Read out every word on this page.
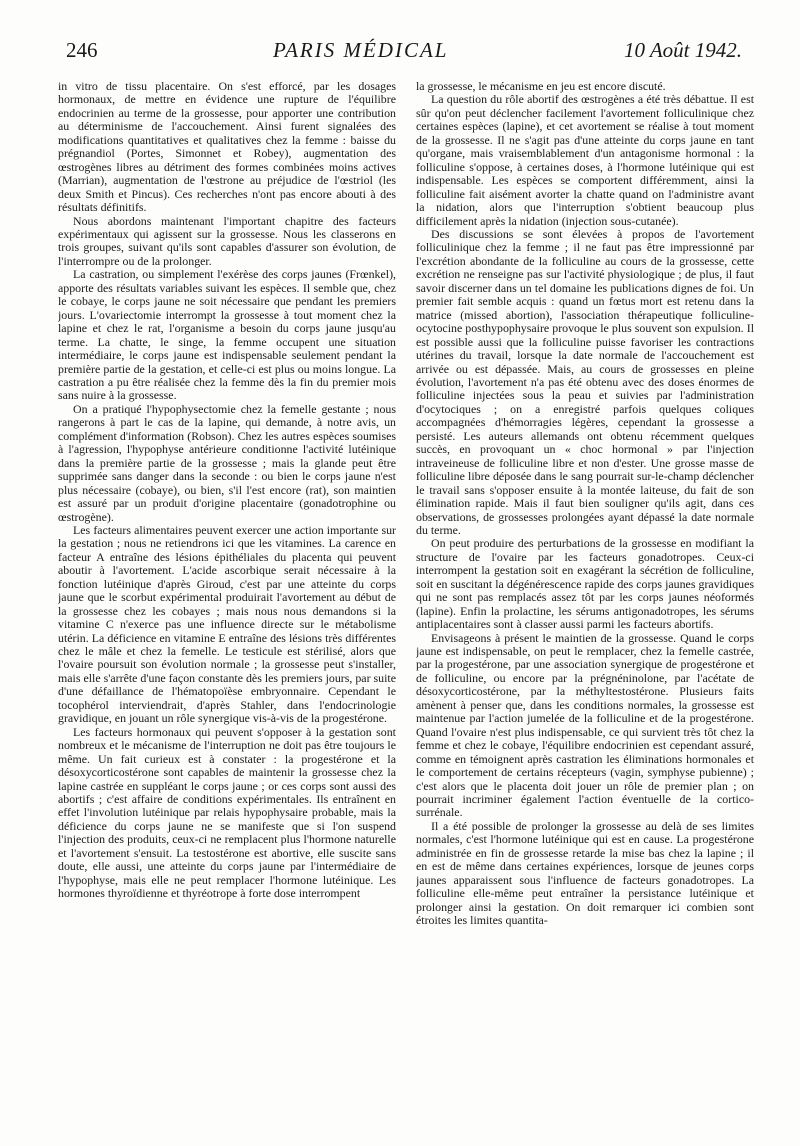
246	PARIS MÉDICAL	10 Août 1942.

in vitro de tissu placentaire. On s'est efforcé, par les dosages hormonaux, de mettre en évidence une rupture de l'équilibre endocrinien au terme de la grossesse, pour apporter une contribution au déterminisme de l'accouchement. Ainsi furent signalées des modifications quantitatives et qualitatives chez la femme : baisse du prégnandiol (Portes, Simonnet et Robey), augmentation des œstrogènes libres au détriment des formes combinées moins actives (Marrian), augmentation de l'œstrone au préjudice de l'œstriol (les deux Smith et Pincus). Ces recherches n'ont pas encore abouti à des résultats définitifs.

Nous abordons maintenant l'important chapitre des facteurs expérimentaux qui agissent sur la grossesse. Nous les classerons en trois groupes, suivant qu'ils sont capables d'assurer son évolution, de l'interrompre ou de la prolonger.

La castration, ou simplement l'exérèse des corps jaunes (Frœnkel), apporte des résultats variables suivant les espèces. Il semble que, chez le cobaye, le corps jaune ne soit nécessaire que pendant les premiers jours. L'ovariectomie interrompt la grossesse à tout moment chez la lapine et chez le rat, l'organisme a besoin du corps jaune jusqu'au terme. La chatte, le singe, la femme occupent une situation intermédiaire, le corps jaune est indispensable seulement pendant la première partie de la gestation, et celle-ci est plus ou moins longue. La castration a pu être réalisée chez la femme dès la fin du premier mois sans nuire à la grossesse.

On a pratiqué l'hypophysectomie chez la femelle gestante ; nous rangerons à part le cas de la lapine, qui demande, à notre avis, un complément d'information (Robson). Chez les autres espèces soumises à l'agression, l'hypophyse antérieure conditionne l'activité lutéinique dans la première partie de la grossesse ; mais la glande peut être supprimée sans danger dans la seconde : ou bien le corps jaune n'est plus nécessaire (cobaye), ou bien, s'il l'est encore (rat), son maintien est assuré par un produit d'origine placentaire (gonadotrophine ou œstrogène).

Les facteurs alimentaires peuvent exercer une action importante sur la gestation ; nous ne retiendrons ici que les vitamines. La carence en facteur A entraîne des lésions épithéliales du placenta qui peuvent aboutir à l'avortement. L'acide ascorbique serait nécessaire à la fonction lutéinique d'après Giroud, c'est par une atteinte du corps jaune que le scorbut expérimental produirait l'avortement au début de la grossesse chez les cobayes ; mais nous nous demandons si la vitamine C n'exerce pas une influence directe sur le métabolisme utérin. La déficience en vitamine E entraîne des lésions très différentes chez le mâle et chez la femelle. Le testicule est stérilisé, alors que l'ovaire poursuit son évolution normale ; la grossesse peut s'installer, mais elle s'arrête d'une façon constante dès les premiers jours, par suite d'une défaillance de l'hématopoïèse embryonnaire. Cependant le tocophérol interviendrait, d'après Stahler, dans l'endocrinologie gravidique, en jouant un rôle synergique vis-à-vis de la progestérone.

Les facteurs hormonaux qui peuvent s'opposer à la gestation sont nombreux et le mécanisme de l'interruption ne doit pas être toujours le même. Un fait curieux est à constater : la progestérone et la désoxycorticostérone sont capables de maintenir la grossesse chez la lapine castrée en suppléant le corps jaune ; or ces corps sont aussi des abortifs ; c'est affaire de conditions expérimentales. Ils entraînent en effet l'involution lutéinique par relais hypophysaire probable, mais la déficience du corps jaune ne se manifeste que si l'on suspend l'injection des produits, ceux-ci ne remplacent plus l'hormone naturelle et l'avortement s'ensuit. La testostérone est abortive, elle suscite sans doute, elle aussi, une atteinte du corps jaune par l'intermédiaire de l'hypophyse, mais elle ne peut remplacer l'hormone lutéinique. Les hormones thyroïdienne et thyréotrope à forte dose interrompent

la grossesse, le mécanisme en jeu est encore discuté.

La question du rôle abortif des œstrogènes a été très débattue. Il est sûr qu'on peut déclencher facilement l'avortement folliculinique chez certaines espèces (lapine), et cet avortement se réalise à tout moment de la grossesse. Il ne s'agit pas d'une atteinte du corps jaune en tant qu'organe, mais vraisemblablement d'un antagonisme hormonal : la folliculine s'oppose, à certaines doses, à l'hormone lutéinique qui est indispensable. Les espèces se comportent différemment, ainsi la folliculine fait aisément avorter la chatte quand on l'administre avant la nidation, alors que l'interruption s'obtient beaucoup plus difficilement après la nidation (injection sous-cutanée).

Des discussions se sont élevées à propos de l'avortement folliculinique chez la femme ; il ne faut pas être impressionné par l'excrétion abondante de la folliculine au cours de la grossesse, cette excrétion ne renseigne pas sur l'activité physiologique ; de plus, il faut savoir discerner dans un tel domaine les publications dignes de foi. Un premier fait semble acquis : quand un fœtus mort est retenu dans la matrice (missed abortion), l'association thérapeutique folliculine-ocytocine posthypophysaire provoque le plus souvent son expulsion. Il est possible aussi que la folliculine puisse favoriser les contractions utérines du travail, lorsque la date normale de l'accouchement est arrivée ou est dépassée. Mais, au cours de grossesses en pleine évolution, l'avortement n'a pas été obtenu avec des doses énormes de folliculine injectées sous la peau et suivies par l'administration d'ocytociques ; on a enregistré parfois quelques coliques accompagnées d'hémorragies légères, cependant la grossesse a persisté. Les auteurs allemands ont obtenu récemment quelques succès, en provoquant un « choc hormonal » par l'injection intraveineuse de folliculine libre et non d'ester. Une grosse masse de folliculine libre déposée dans le sang pourrait sur-le-champ déclencher le travail sans s'opposer ensuite à la montée laiteuse, du fait de son élimination rapide. Mais il faut bien souligner qu'ils agit, dans ces observations, de grossesses prolongées ayant dépassé la date normale du terme.

On peut produire des perturbations de la grossesse en modifiant la structure de l'ovaire par les facteurs gonadotropes. Ceux-ci interrompent la gestation soit en exagérant la sécrétion de folliculine, soit en suscitant la dégénérescence rapide des corps jaunes gravidiques qui ne sont pas remplacés assez tôt par les corps jaunes néoformés (lapine). Enfin la prolactine, les sérums antigonadotropes, les sérums antiplacentaires sont à classer aussi parmi les facteurs abortifs.

Envisageons à présent le maintien de la grossesse. Quand le corps jaune est indispensable, on peut le remplacer, chez la femelle castrée, par la progestérone, par une association synergique de progestérone et de folliculine, ou encore par la prégnéninolone, par l'acétate de désoxycorticostérone, par la méthyltestostérone. Plusieurs faits amènent à penser que, dans les conditions normales, la grossesse est maintenue par l'action jumelée de la folliculine et de la progestérone. Quand l'ovaire n'est plus indispensable, ce qui survient très tôt chez la femme et chez le cobaye, l'équilibre endocrinien est cependant assuré, comme en témoignent après castration les éliminations hormonales et le comportement de certains récepteurs (vagin, symphyse pubienne) ; c'est alors que le placenta doit jouer un rôle de premier plan ; on pourrait incriminer également l'action éventuelle de la cortico-surrénale.

Il a été possible de prolonger la grossesse au delà de ses limites normales, c'est l'hormone lutéinique qui est en cause. La progestérone administrée en fin de grossesse retarde la mise bas chez la lapine ; il en est de même dans certaines expériences, lorsque de jeunes corps jaunes apparaissent sous l'influence de facteurs gonadotropes. La folliculine elle-même peut entraîner la persistance lutéinique et prolonger ainsi la gestation. On doit remarquer ici combien sont étroites les limites quantita-
